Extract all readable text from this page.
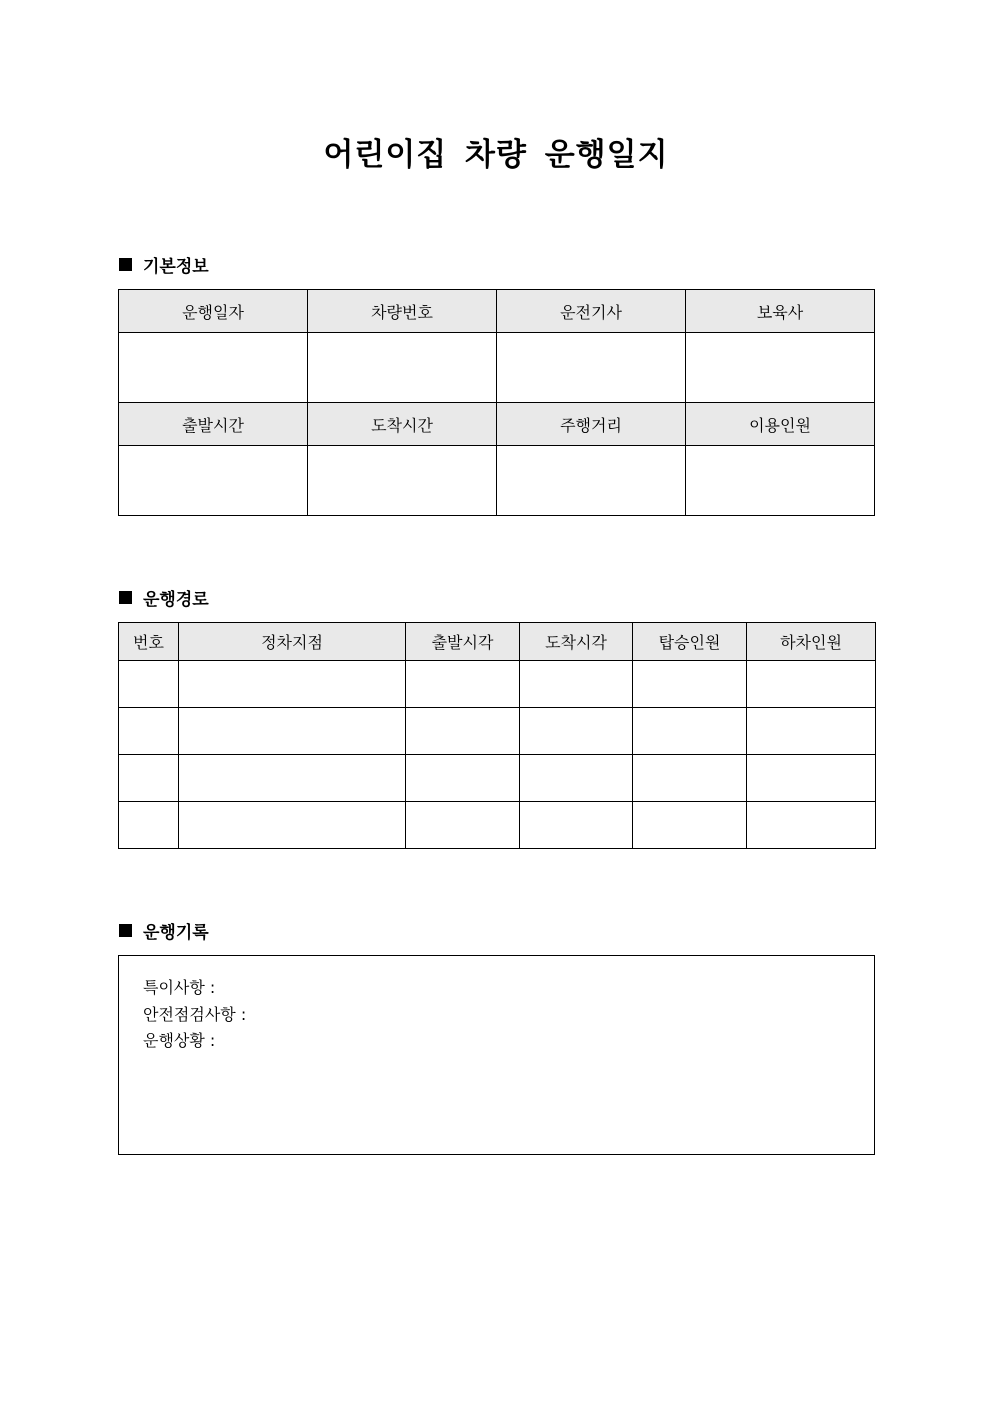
어린이집 차량 운행일지
기본정보
운행일자	차량번호	운전기사	보육사

출발시간	도착시간	주행거리	이용인원

운행경로
번호	정차지점	출발시각	도착시각	탑승인원	하차인원

운행기록
특이사항 :
안전점검사항 :
운행상황 :
